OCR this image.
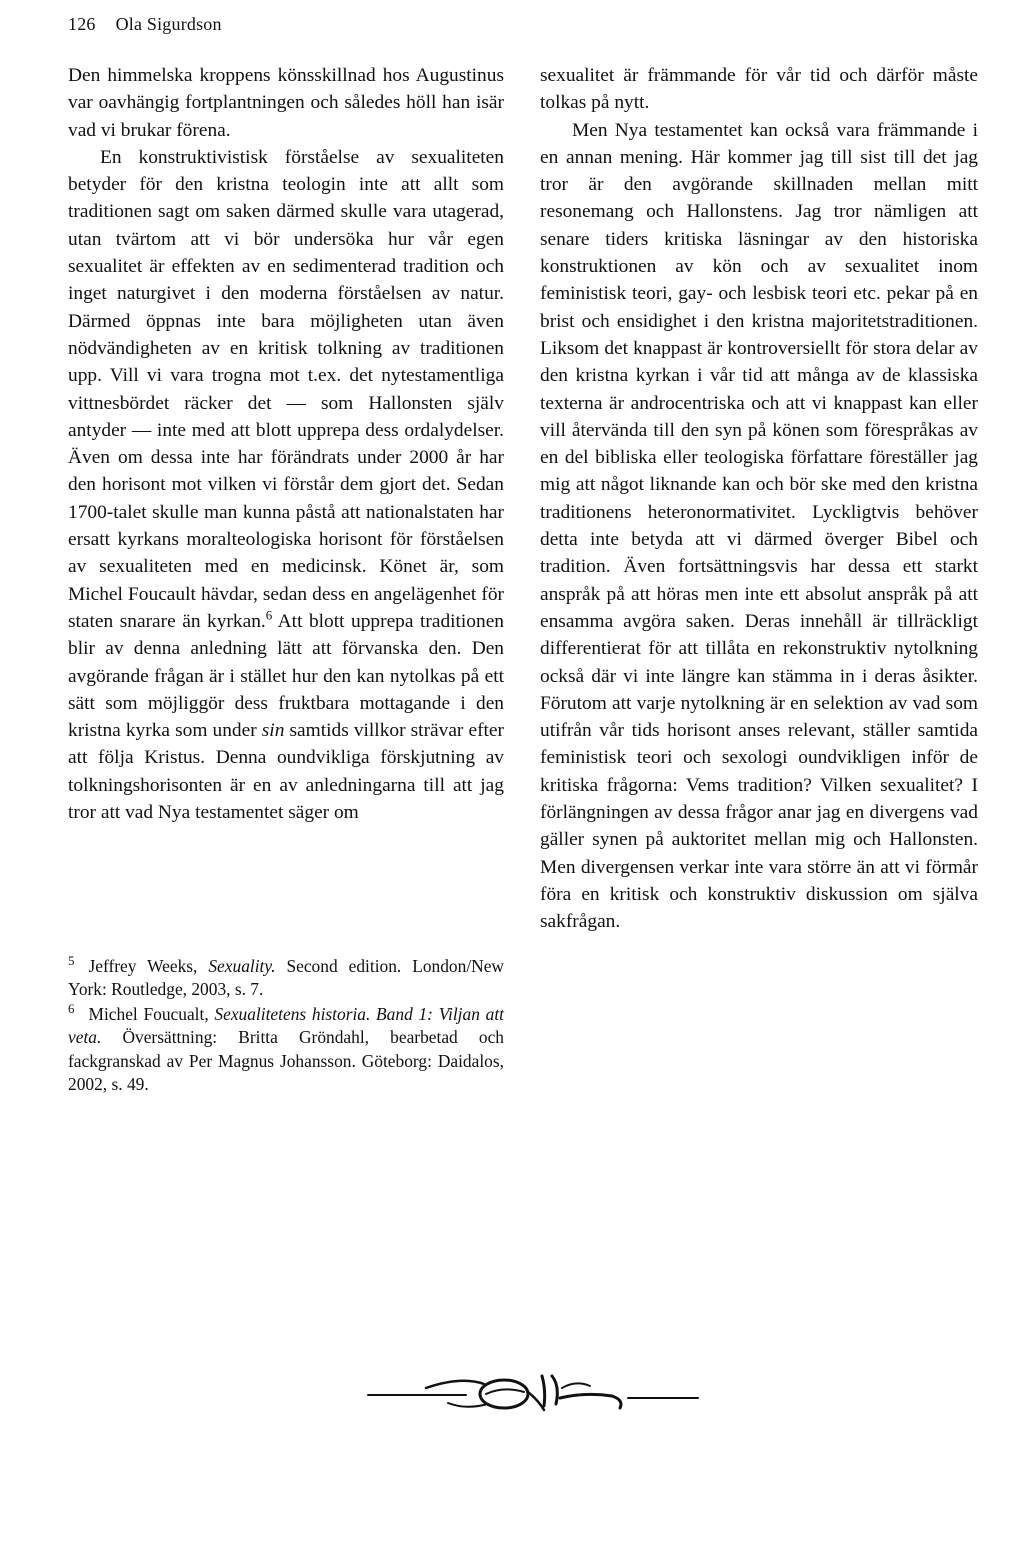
126 Ola Sigurdson

Den himmelska kroppens könsskillnad hos Augustinus var oavhängig fortplantningen och således höll han isär vad vi brukar förena.

En konstruktivistisk förståelse av sexualiteten betyder för den kristna teologin inte att allt som traditionen sagt om saken därmed skulle vara utagerad, utan tvärtom att vi bör undersöka hur vår egen sexualitet är effekten av en sedimenterad tradition och inget naturgivet i den moderna förståelsen av natur. Därmed öppnas inte bara möjligheten utan även nödvändigheten av en kritisk tolkning av traditionen upp. Vill vi vara trogna mot t.ex. det nytestamentliga vittnesbördet räcker det — som Hallonsten själv antyder — inte med att blott upprepa dess ordalydelser. Även om dessa inte har förändrats under 2000 år har den horisont mot vilken vi förstår dem gjort det. Sedan 1700-talet skulle man kunna påstå att nationalstaten har ersatt kyrkans moralteologiska horisont för förståelsen av sexualiteten med en medicinsk. Könet är, som Michel Foucault hävdar, sedan dess en angelägenhet för staten snarare än kyrkan.$^6$ Att blott upprepa traditionen blir av denna anledning lätt att förvanska den. Den avgörande frågan är i stället hur den kan nytolkas på ett sätt som möjliggör dess fruktbara mottagande i den kristna kyrka som under sin samtids villkor strävar efter att följa Kristus. Denna oundvikliga förskjutning av tolkningshorisonten är en av anledningarna till att jag tror att vad Nya testamentet säger om

$^5$ Jeffrey Weeks, Sexuality. Second edition. London/New York: Routledge, 2003, s. 7.

$^6$ Michel Foucualt, Sexualitetens historia. Band 1: Viljan att veta. Översättning: Britta Gröndahl, bearbetad och fackgranskad av Per Magnus Johansson. Göteborg: Daidalos, 2002, s. 49.

sexualitet är främmande för vår tid och därför måste tolkas på nytt.

Men Nya testamentet kan också vara främmande i en annan mening. Här kommer jag till sist till det jag tror är den avgörande skillnaden mellan mitt resonemang och Hallonstens. Jag tror nämligen att senare tiders kritiska läsningar av den historiska konstruktionen av kön och av sexualitet inom feministisk teori, gay- och lesbisk teori etc. pekar på en brist och ensidighet i den kristna majoritetstraditionen. Liksom det knappast är kontroversiellt för stora delar av den kristna kyrkan i vår tid att många av de klassiska texterna är androcentriska och att vi knappast kan eller vill återvända till den syn på könen som förespråkas av en del bibliska eller teologiska författare föreställer jag mig att något liknande kan och bör ske med den kristna traditionens heteronormativitet. Lyckligtvis behöver detta inte betyda att vi därmed överger Bibel och tradition. Även fortsättningsvis har dessa ett starkt anspråk på att höras men inte ett absolut anspråk på att ensamma avgöra saken. Deras innehåll är tillräckligt differentierat för att tillåta en rekonstruktiv nytolkning också där vi inte längre kan stämma in i deras åsikter. Förutom att varje nytolkning är en selektion av vad som utifrån vår tids horisont anses relevant, ställer samtida feministisk teori och sexologi oundvikligen inför de kritiska frågorna: Vems tradition? Vilken sexualitet? I förlängningen av dessa frågor anar jag en divergens vad gäller synen på auktoritet mellan mig och Hallonsten. Men divergensen verkar inte vara större än att vi förmår föra en kritisk och konstruktiv diskussion om själva sakfrågan.
